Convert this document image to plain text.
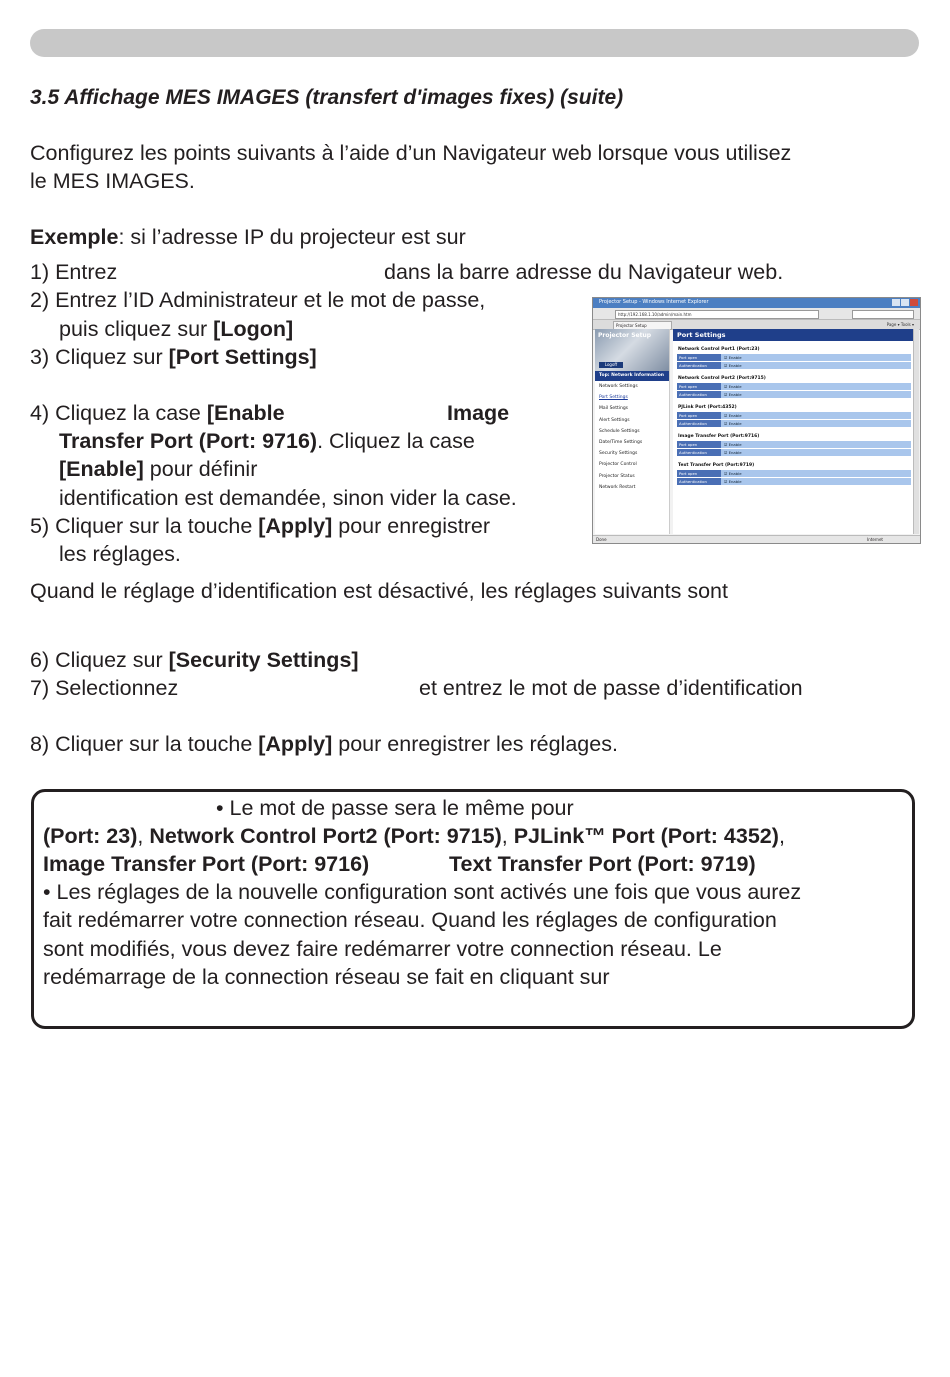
3.5 Affichage MES IMAGES (transfert d'images fixes) (suite)
Configurez les points suivants à l’aide d’un Navigateur web lorsque vous utilisez
le MES IMAGES.
Exemple: si l’adresse IP du projecteur est sur
1) Entrez	dans la barre adresse du Navigateur web.
2) Entrez l’ID Administrateur et le mot de passe,
puis cliquez sur [Logon]
3) Cliquez sur [Port Settings]
4) Cliquez la case [Enable	Image
Transfer Port (Port: 9716). Cliquez la case
[Enable] pour définir
identification est demandée, sinon vider la case.
5) Cliquer sur la touche [Apply] pour enregistrer
les réglages.
Quand le réglage d’identification est désactivé, les réglages suivants sont
6) Cliquez sur [Security Settings]
7) Selectionnez	et entrez le mot de passe d’identification
8) Cliquer sur la touche [Apply] pour enregistrer les réglages.
Projector Setup - Windows Internet Explorer
http://192.168.1.10/admin/main.htm
Projector Setup	Page ▾ Tools ▾
Projector Setup
Logoff
Top: Network Information
Network Settings
Port Settings
Mail Settings
Alert Settings
Schedule Settings
Date/Time Settings
Security Settings
Projector Control
Projector Status
Network Restart
Port Settings
Network Control Port1 (Port:23)
Port open	☑ Enable
Authentication	☑ Enable
Network Control Port2 (Port:9715)
Port open	☑ Enable
Authentication	☑ Enable
PJLink Port (Port:4352)
Port open	☑ Enable
Authentication	☑ Enable
Image Transfer Port (Port:9716)
Port open	☑ Enable
Authentication	☑ Enable
Text Transfer Port (Port:9719)
Port open	☑ Enable
Authentication	☑ Enable
Done	Internet
• Le mot de passe sera le même pour
(Port: 23), Network Control Port2 (Port: 9715), PJLink™ Port (Port: 4352),
Image Transfer Port (Port: 9716)	Text Transfer Port (Port: 9719)
• Les réglages de la nouvelle configuration sont activés une fois que vous aurez
fait redémarrer votre connection réseau. Quand les réglages de configuration
sont modifiés, vous devez faire redémarrer votre connection réseau. Le
redémarrage de la connection réseau se fait en cliquant sur
